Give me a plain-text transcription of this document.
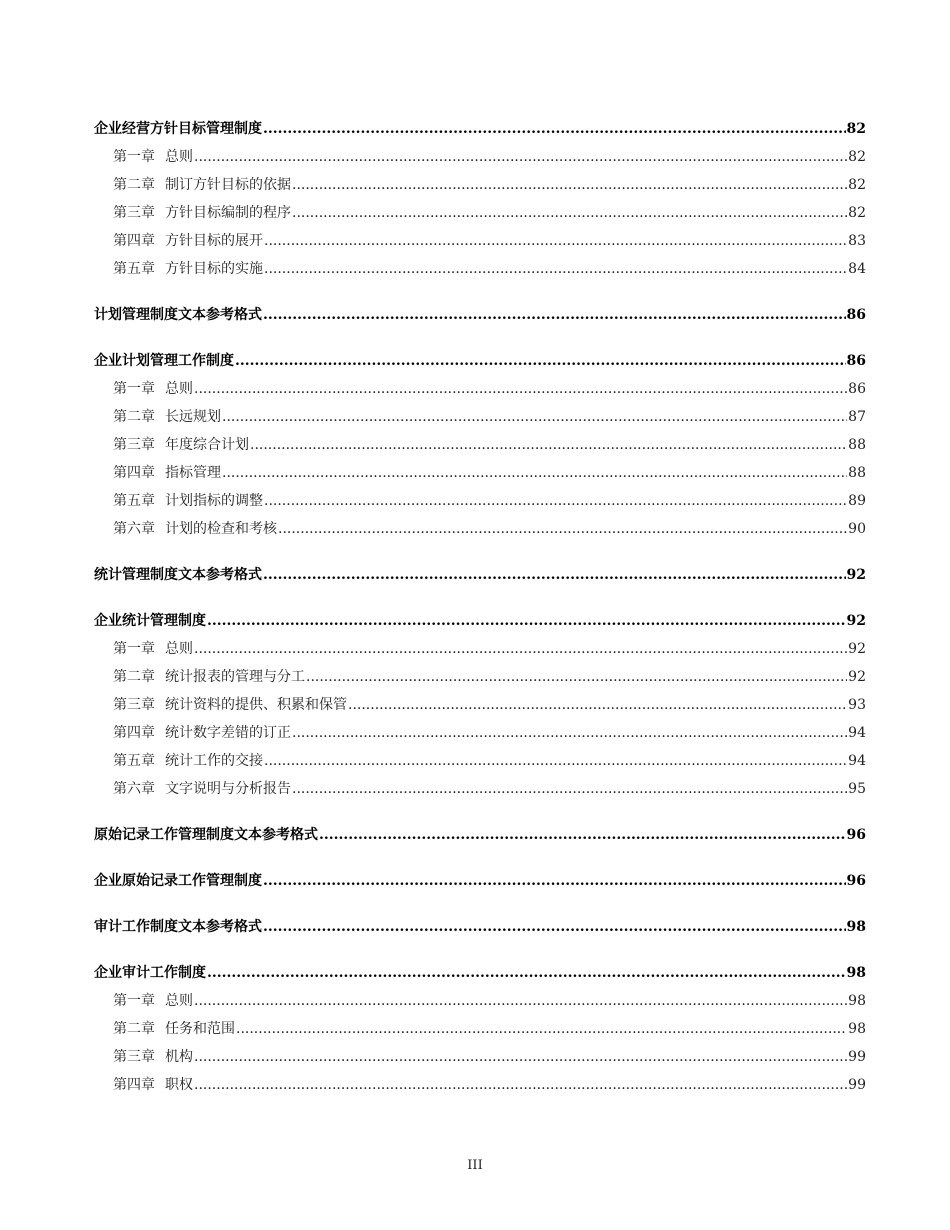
企业经营方针目标管理制度 .....	82
第一章 总则 .....	82
第二章 制订方针目标的依据 .....	82
第三章 方针目标编制的程序 .....	82
第四章 方针目标的展开 .....	83
第五章 方针目标的实施 .....	84
计划管理制度文本参考格式 .....	86
企业计划管理工作制度 .....	86
第一章 总则 .....	86
第二章 长远规划 .....	87
第三章 年度综合计划 .....	88
第四章 指标管理 .....	88
第五章 计划指标的调整 .....	89
第六章 计划的检查和考核 .....	90
统计管理制度文本参考格式 .....	92
企业统计管理制度 .....	92
第一章 总则 .....	92
第二章 统计报表的管理与分工 .....	92
第三章 统计资料的提供、积累和保管 .....	93
第四章 统计数字差错的订正 .....	94
第五章 统计工作的交接 .....	94
第六章 文字说明与分析报告 .....	95
原始记录工作管理制度文本参考格式 .....	96
企业原始记录工作管理制度 .....	96
审计工作制度文本参考格式 .....	98
企业审计工作制度 .....	98
第一章 总则 .....	98
第二章 任务和范围 .....	98
第三章 机构 .....	99
第四章 职权 .....	99
III
